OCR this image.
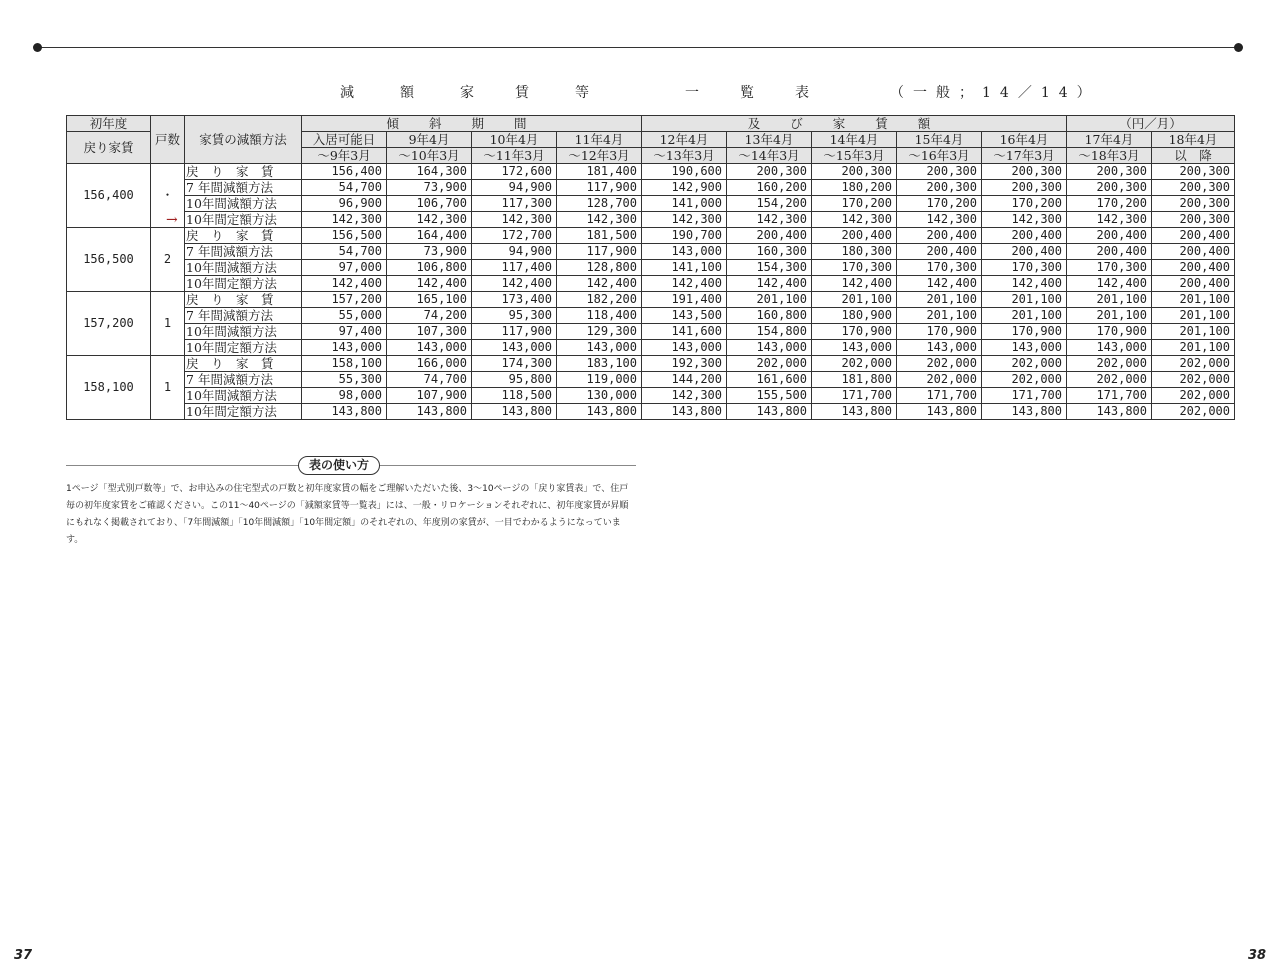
減	額	家	賃	等	一	覧	表	（一般；14／14）
初年度	戸数	家賃の減額方法	傾斜期間				及び家賃額					（円／月）	
戻り家賃			入居可能日	9年4月	10年4月	11年4月	12年4月	13年4月	14年4月	15年4月	16年4月	17年4月	18年4月
			～9年3月	～10年3月	～11年3月	～12年3月	～13年3月	～14年3月	～15年3月	～16年3月	～17年3月	～18年3月	以　降
156,400	・	戻　り　家　賃	156,400	164,300	172,600	181,400	190,600	200,300	200,300	200,300	200,300	200,300	200,300
		7 年間減額方法	54,700	73,900	94,900	117,900	142,900	160,200	180,200	200,300	200,300	200,300	200,300
		10年間減額方法	96,900	106,700	117,300	128,700	141,000	154,200	170,200	170,200	170,200	170,200	200,300
		10年間定額方法	142,300	142,300	142,300	142,300	142,300	142,300	142,300	142,300	142,300	142,300	200,300
156,500	2	戻　り　家　賃	156,500	164,400	172,700	181,500	190,700	200,400	200,400	200,400	200,400	200,400	200,400
		7 年間減額方法	54,700	73,900	94,900	117,900	143,000	160,300	180,300	200,400	200,400	200,400	200,400
		10年間減額方法	97,000	106,800	117,400	128,800	141,100	154,300	170,300	170,300	170,300	170,300	200,400
		10年間定額方法	142,400	142,400	142,400	142,400	142,400	142,400	142,400	142,400	142,400	142,400	200,400
157,200	1	戻　り　家　賃	157,200	165,100	173,400	182,200	191,400	201,100	201,100	201,100	201,100	201,100	201,100
		7 年間減額方法	55,000	74,200	95,300	118,400	143,500	160,800	180,900	201,100	201,100	201,100	201,100
		10年間減額方法	97,400	107,300	117,900	129,300	141,600	154,800	170,900	170,900	170,900	170,900	201,100
		10年間定額方法	143,000	143,000	143,000	143,000	143,000	143,000	143,000	143,000	143,000	143,000	201,100
158,100	1	戻　り　家　賃	158,100	166,000	174,300	183,100	192,300	202,000	202,000	202,000	202,000	202,000	202,000
		7 年間減額方法	55,300	74,700	95,800	119,000	144,200	161,600	181,800	202,000	202,000	202,000	202,000
		10年間減額方法	98,000	107,900	118,500	130,000	142,300	155,500	171,700	171,700	171,700	171,700	202,000
		10年間定額方法	143,800	143,800	143,800	143,800	143,800	143,800	143,800	143,800	143,800	143,800	202,000
→
表の使い方

1ページ「型式別戸数等」で、お申込みの住宅型式の戸数と初年度家賃の幅をご理解いただいた後、3～10ページの「戻り家賃表」で、住戸毎の初年度家賃をご確認ください。この11～40ページの「減額家賃等一覧表」には、一般・リロケーションそれぞれに、初年度家賃が昇順にもれなく掲載されており、「7年間減額」「10年間減額」「10年間定額」のそれぞれの、年度別の家賃が、一目でわかるようになっています。

37	38
